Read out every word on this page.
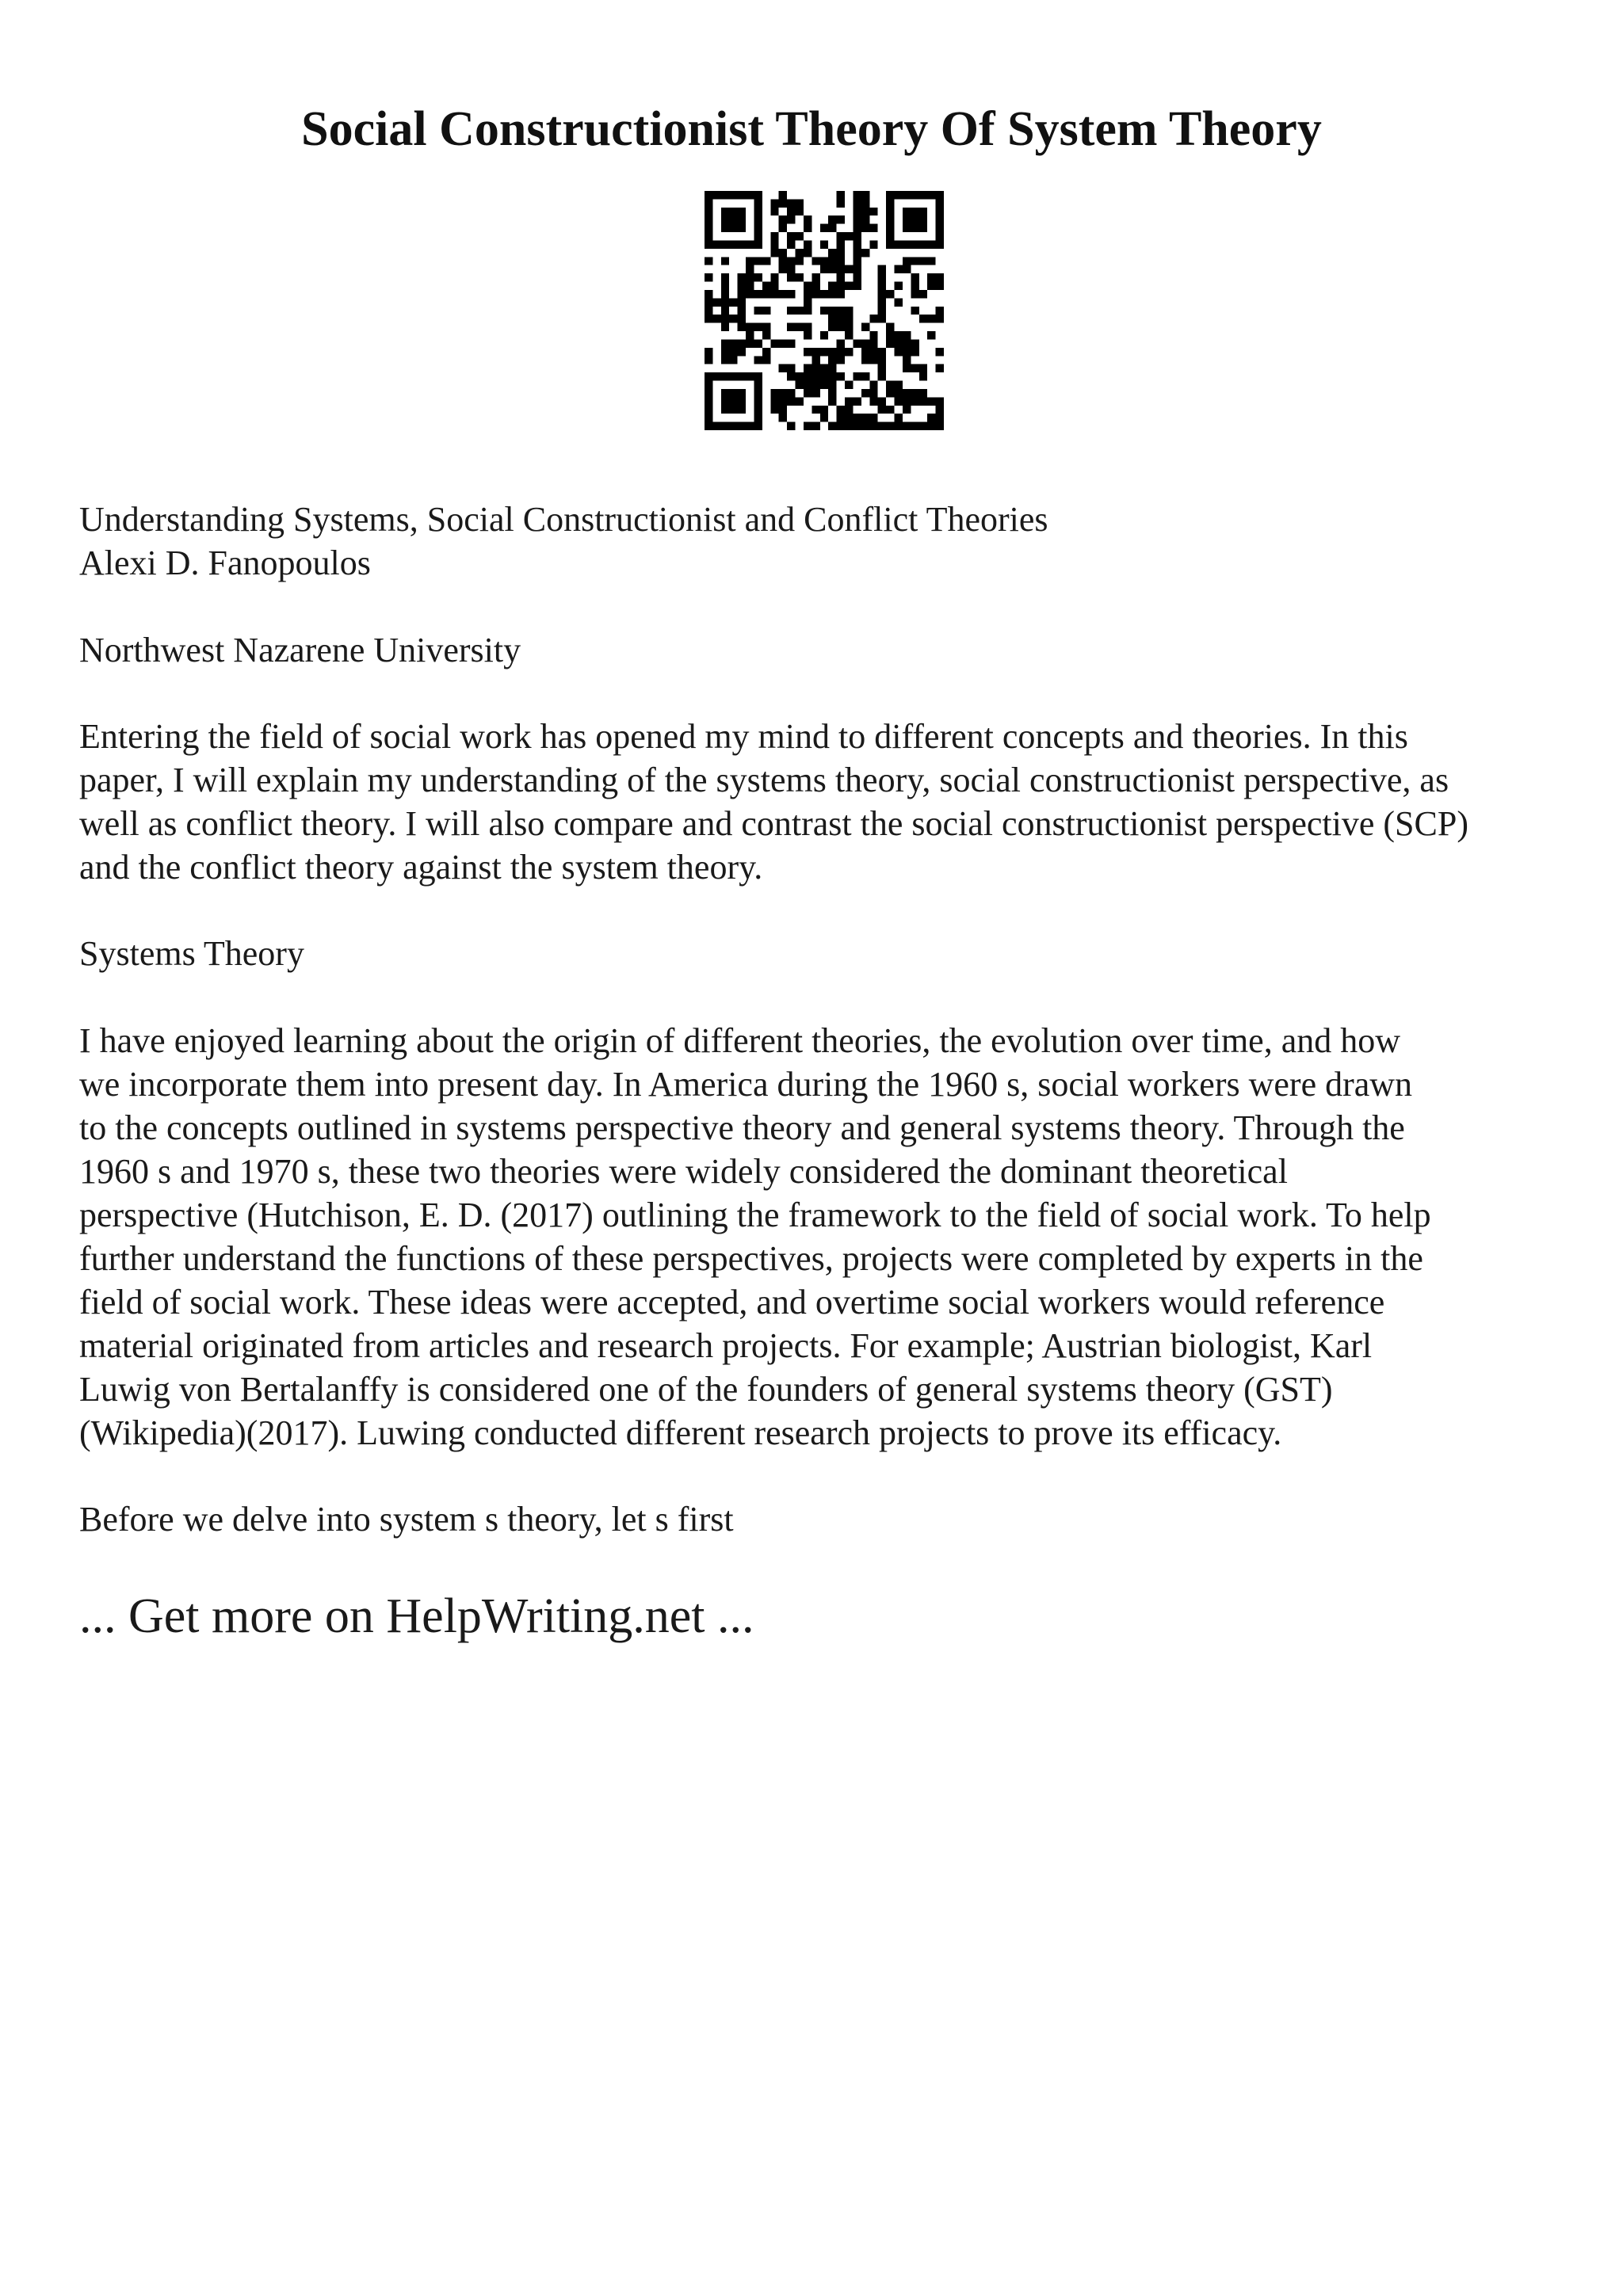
Social Constructionist Theory Of System Theory

Understanding Systems, Social Constructionist and Conflict Theories

Alexi D. Fanopoulos

Northwest Nazarene University

Entering the field of social work has opened my mind to different concepts and theories. In this

paper, I will explain my understanding of the systems theory, social constructionist perspective, as

well as conflict theory. I will also compare and contrast the social constructionist perspective (SCP)

and the conflict theory against the system theory.

Systems Theory

I have enjoyed learning about the origin of different theories, the evolution over time, and how

we incorporate them into present day. In America during the 1960 s, social workers were drawn

to the concepts outlined in systems perspective theory and general systems theory. Through the

1960 s and 1970 s, these two theories were widely considered the dominant theoretical

perspective (Hutchison, E. D. (2017) outlining the framework to the field of social work. To help

further understand the functions of these perspectives, projects were completed by experts in the

field of social work. These ideas were accepted, and overtime social workers would reference

material originated from articles and research projects. For example; Austrian biologist, Karl

Luwig von Bertalanffy is considered one of the founders of general systems theory (GST)

(Wikipedia)(2017). Luwing conducted different research projects to prove its efficacy.

Before we delve into system s theory, let s first

... Get more on HelpWriting.net ...
